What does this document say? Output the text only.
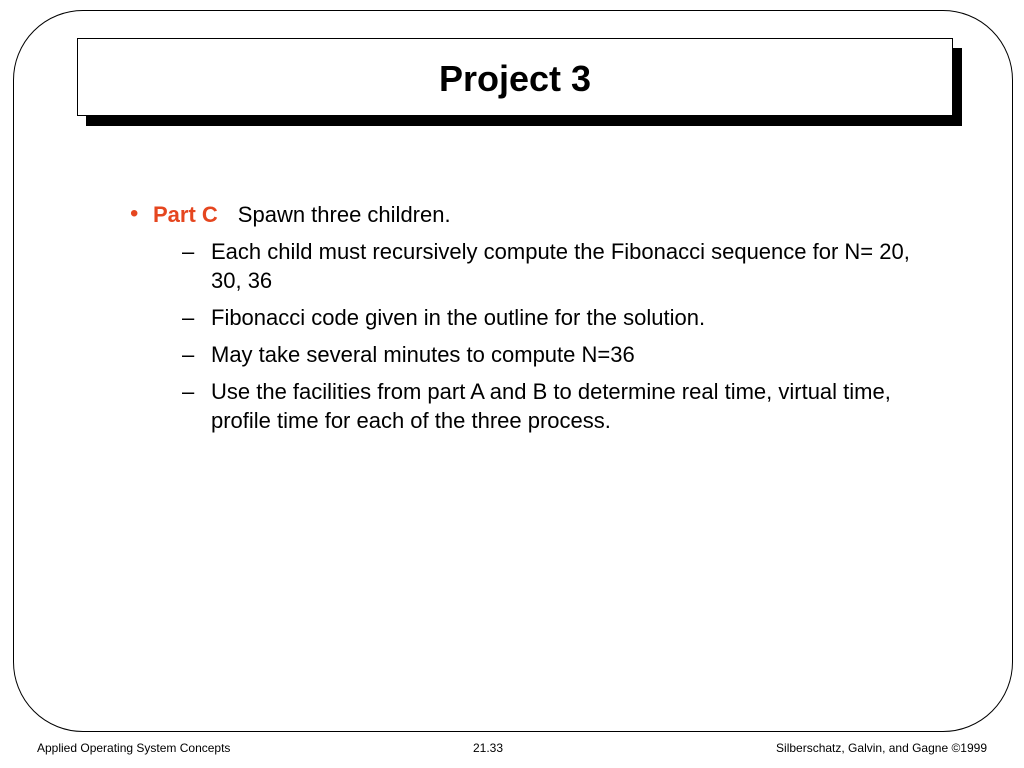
Project 3
• Part C Spawn three children.
– Each child must recursively compute the Fibonacci sequence for N= 20, 30, 36
– Fibonacci code given in the outline for the solution.
– May take several minutes to compute N=36
– Use the facilities from part A and B to determine real time, virtual time, profile time for each of the three process.
Applied Operating System Concepts	21.33	Silberschatz, Galvin, and Gagne ©1999
